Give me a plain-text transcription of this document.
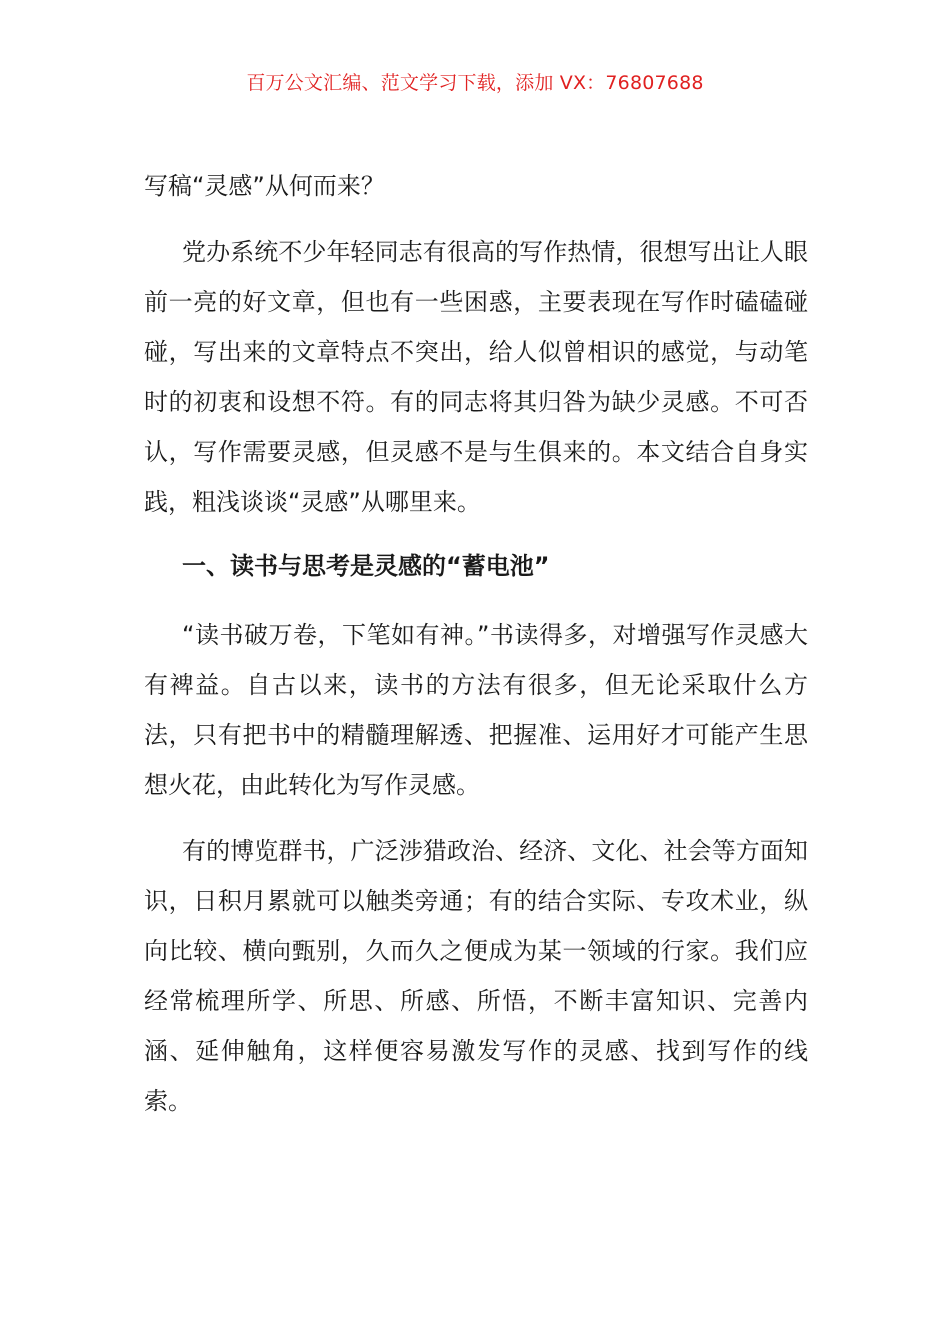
百万公文汇编、范文学习下载，添加 VX：76807688
写稿“灵感”从何而来？

党办系统不少年轻同志有很高的写作热情，很想写出让人眼前一亮的好文章，但也有一些困惑，主要表现在写作时磕磕碰碰，写出来的文章特点不突出，给人似曾相识的感觉，与动笔时的初衷和设想不符。有的同志将其归咎为缺少灵感。不可否认，写作需要灵感，但灵感不是与生俱来的。本文结合自身实践，粗浅谈谈“灵感”从哪里来。

一、读书与思考是灵感的“蓄电池”

“读书破万卷，下笔如有神。”书读得多，对增强写作灵感大有裨益。自古以来，读书的方法有很多，但无论采取什么方法，只有把书中的精髓理解透、把握准、运用好才可能产生思想火花，由此转化为写作灵感。

有的博览群书，广泛涉猎政治、经济、文化、社会等方面知识，日积月累就可以触类旁通；有的结合实际、专攻术业，纵向比较、横向甄别，久而久之便成为某一领域的行家。我们应经常梳理所学、所思、所感、所悟，不断丰富知识、完善内涵、延伸触角，这样便容易激发写作的灵感、找到写作的线索。
